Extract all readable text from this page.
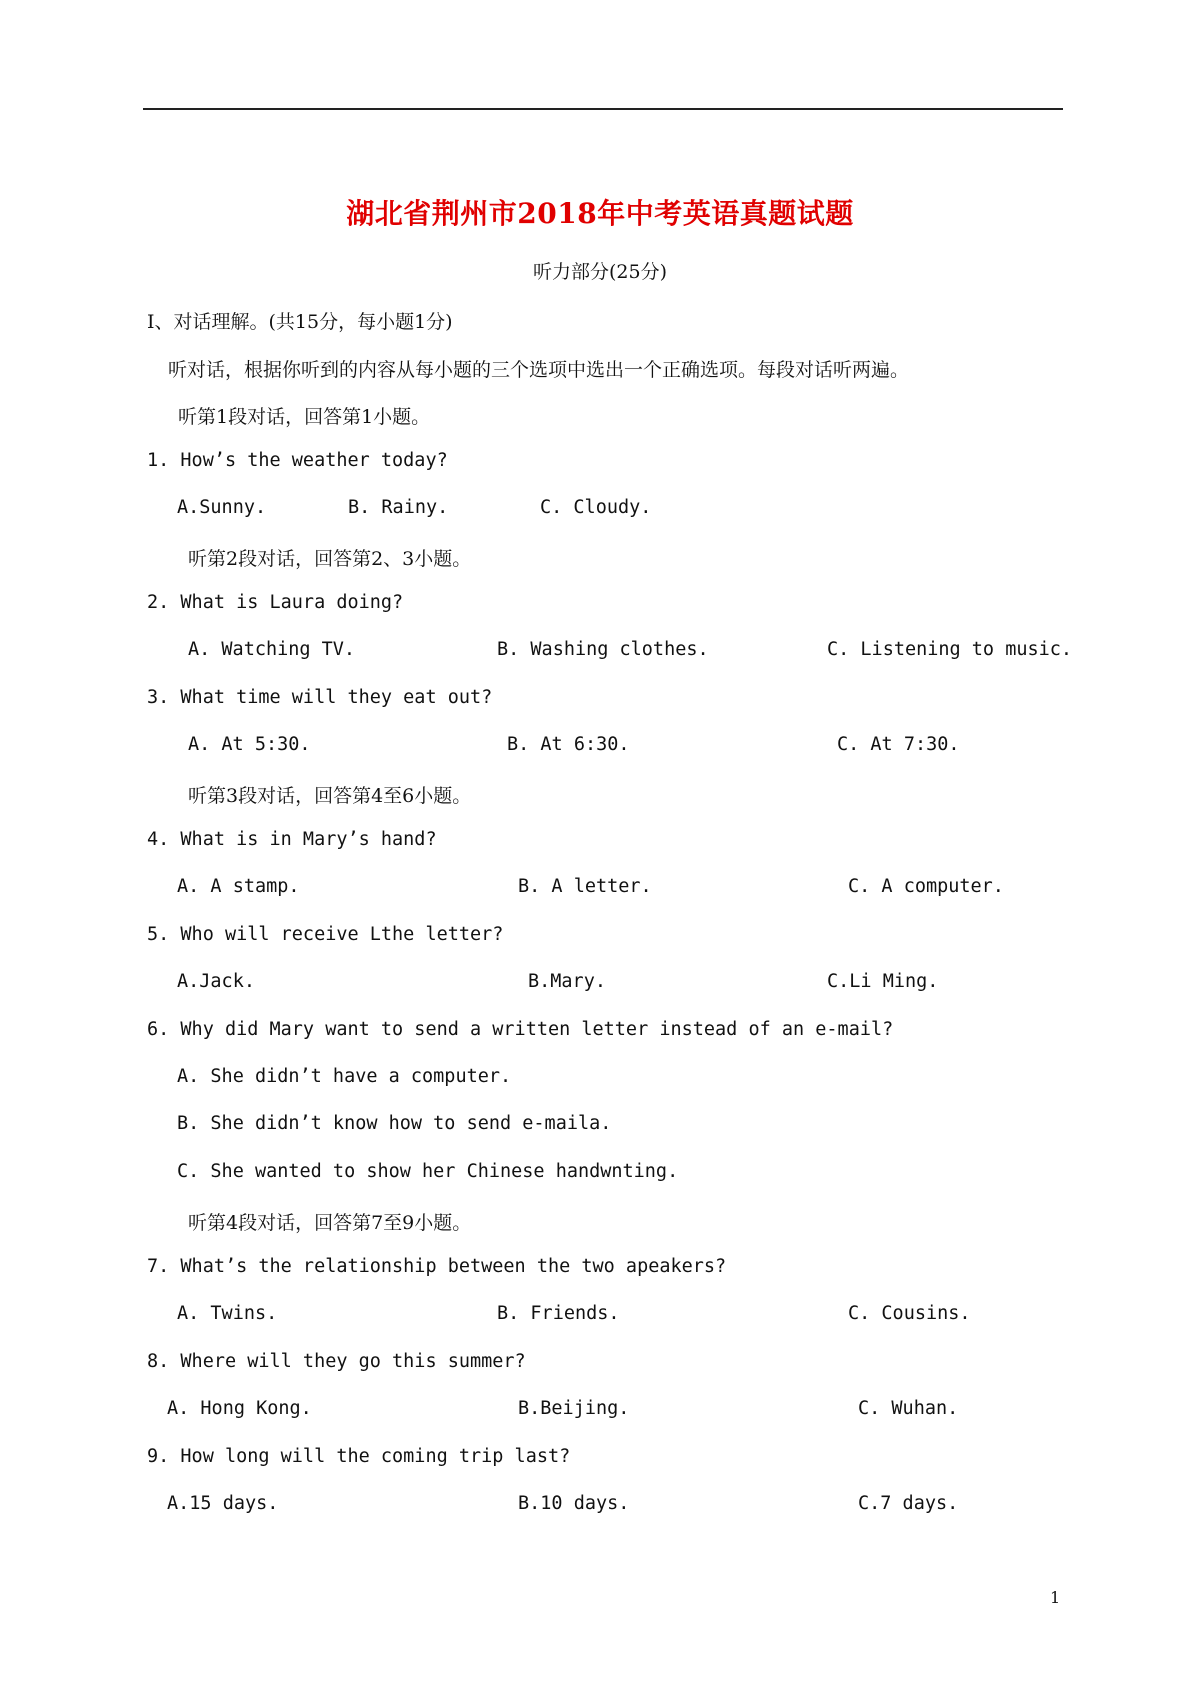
湖北省荆州市2018年中考英语真题试题
听力部分(25分)
I、对话理解。(共15分，每小题1分)
听对话，根据你听到的内容从每小题的三个选项中选出一个正确选项。每段对话听两遍。
听第1段对话，回答第1小题。
1. How’s the weather today?
A.Sunny.	B. Rainy.	C. Cloudy.
听第2段对话，回答第2、3小题。
2. What is Laura doing?
A. Watching TV.	B. Washing clothes.	C. Listening to music.
3. What time will they eat out?
A. At 5:30.	B. At 6:30.	C. At 7:30.
听第3段对话，回答第4至6小题。
4. What is in Mary’s hand?
A. A stamp.	B. A letter.	C. A computer.
5. Who will receive Lthe letter?
A.Jack.	B.Mary.	C.Li Ming.
6. Why did Mary want to send a written letter instead of an e-mail?
A. She didn’t have a computer.
B. She didn’t know how to send e-maila.
C. She wanted to show her Chinese handwnting.
听第4段对话，回答第7至9小题。
7. What’s the relationship between the two apeakers?
A. Twins.	B. Friends.	C. Cousins.
8. Where will they go this summer?
A. Hong Kong.	B.Beijing.	C. Wuhan.
9. How long will the coming trip last?
A.15 days.	B.10 days.	C.7 days.
1
